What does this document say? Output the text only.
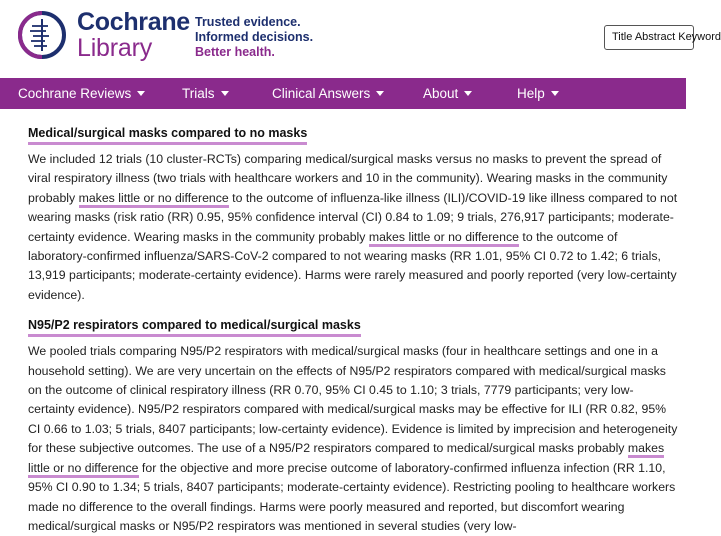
Cochrane
Library
Trusted evidence.
Informed decisions.
Better health.
Title Abstract Keyword
Cochrane Reviews	Trials	Clinical Answers	About	Help
Medical/surgical masks compared to no masks

We included 12 trials (10 cluster-RCTs) comparing medical/surgical masks versus no masks to prevent the spread of viral respiratory illness (two trials with healthcare workers and 10 in the community). Wearing masks in the community probably makes little or no difference to the outcome of influenza-like illness (ILI)/COVID-19 like illness compared to not wearing masks (risk ratio (RR) 0.95, 95% confidence interval (CI) 0.84 to 1.09; 9 trials, 276,917 participants; moderate-certainty evidence. Wearing masks in the community probably makes little or no difference to the outcome of laboratory-confirmed influenza/SARS-CoV-2 compared to not wearing masks (RR 1.01, 95% CI 0.72 to 1.42; 6 trials, 13,919 participants; moderate-certainty evidence). Harms were rarely measured and poorly reported (very low-certainty evidence).

N95/P2 respirators compared to medical/surgical masks

We pooled trials comparing N95/P2 respirators with medical/surgical masks (four in healthcare settings and one in a household setting). We are very uncertain on the effects of N95/P2 respirators compared with medical/surgical masks on the outcome of clinical respiratory illness (RR 0.70, 95% CI 0.45 to 1.10; 3 trials, 7779 participants; very low-certainty evidence). N95/P2 respirators compared with medical/surgical masks may be effective for ILI (RR 0.82, 95% CI 0.66 to 1.03; 5 trials, 8407 participants; low-certainty evidence). Evidence is limited by imprecision and heterogeneity for these subjective outcomes. The use of a N95/P2 respirators compared to medical/surgical masks probably makes little or no difference for the objective and more precise outcome of laboratory-confirmed influenza infection (RR 1.10, 95% CI 0.90 to 1.34; 5 trials, 8407 participants; moderate-certainty evidence). Restricting pooling to healthcare workers made no difference to the overall findings. Harms were poorly measured and reported, but discomfort wearing medical/surgical masks or N95/P2 respirators was mentioned in several studies (very low-
